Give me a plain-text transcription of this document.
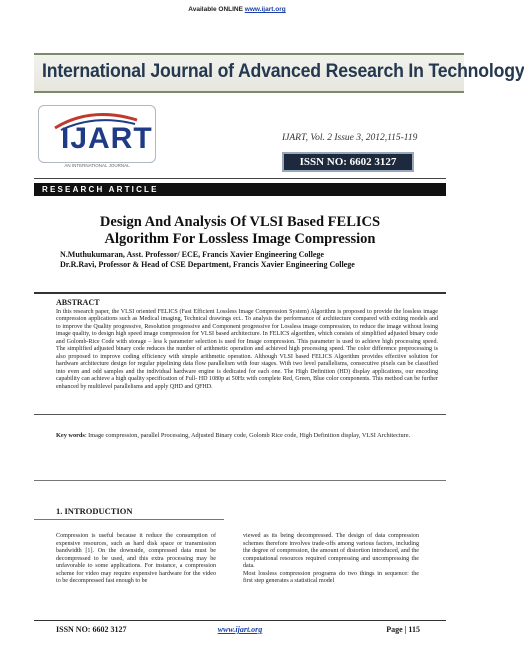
Available ONLINE www.ijart.org
International Journal of Advanced Research In Technology
IJART
AN INTERNATIONAL JOURNAL
IJART, Vol. 2 Issue 3, 2012,115-119
ISSN NO: 6602 3127
RESEARCH ARTICLE
Design And Analysis Of VLSI Based FELICS
Algorithm For Lossless Image Compression
N.Muthukumaran, Asst. Professor/ ECE, Francis Xavier Engineering College
Dr.R.Ravi, Professor & Head of CSE Department, Francis Xavier Engineering College
ABSTRACT
In this research paper, the VLSI oriented FELICS (Fast Efficient Lossless Image Compression System) Algorithm is proposed to provide the lossless image compression applications such as Medical imaging, Technical drawings ect.. To analysis the performance of architecture compared with exiting models and to improve the Quality progressive, Resolution progressive and Component progressive for Lossless image compression, to reduce the image without losing image quality, to design high speed image compression for VLSI based architecture. In FELICS algorithm, which consists of simplified adjusted binary code and Golomb-Rice Code with storage – less k parameter selection is used for Image compression. This parameter is used to achieve high processing speed. The simplified adjusted binary code reduces the number of arithmetic operation and achieved high processing speed. The color difference preprocessing is also proposed to improve coding efficiency with simple arithmetic operation. Although VLSI based FELICS Algorithm provides effective solution for hardware architecture design for regular pipelining data flow parallelism with four stages. With two level parallelisms, consecutive pixels can be classified into even and odd samples and the individual hardware engine is dedicated for each one. The High Definition (HD) display applications, our encoding capability can achieve a high quality specification of Full- HD 1080p at 50Hz with complete Red, Green, Blue color components. This method can be further enhanced by multilevel parallelisms and apply QHD and QFHD.
Key words: Image compression, parallel Processing, Adjusted Binary code, Golomb Rice code, High Definition display, VLSI Architecture.
1. INTRODUCTION
Compression is useful because it reduce the consumption of expensive resources, such as hard disk space or transmission bandwidth [1]. On the downside, compressed data must be decompressed to be used, and this extra processing may be unfavorable to some applications. For instance, a compression scheme for video may require expensive hardware for the video to be decompressed fast enough to be
viewed as its being decompressed. The design of data compression schemes therefore involves trade-offs among various factors, including the degree of compression, the amount of distortion introduced, and the computational resources required compressing and uncompressing the data.
Most lossless compression programs do two things in sequence: the first step generates a statistical model
ISSN NO: 6602 3127	www.ijart.org	Page | 115
